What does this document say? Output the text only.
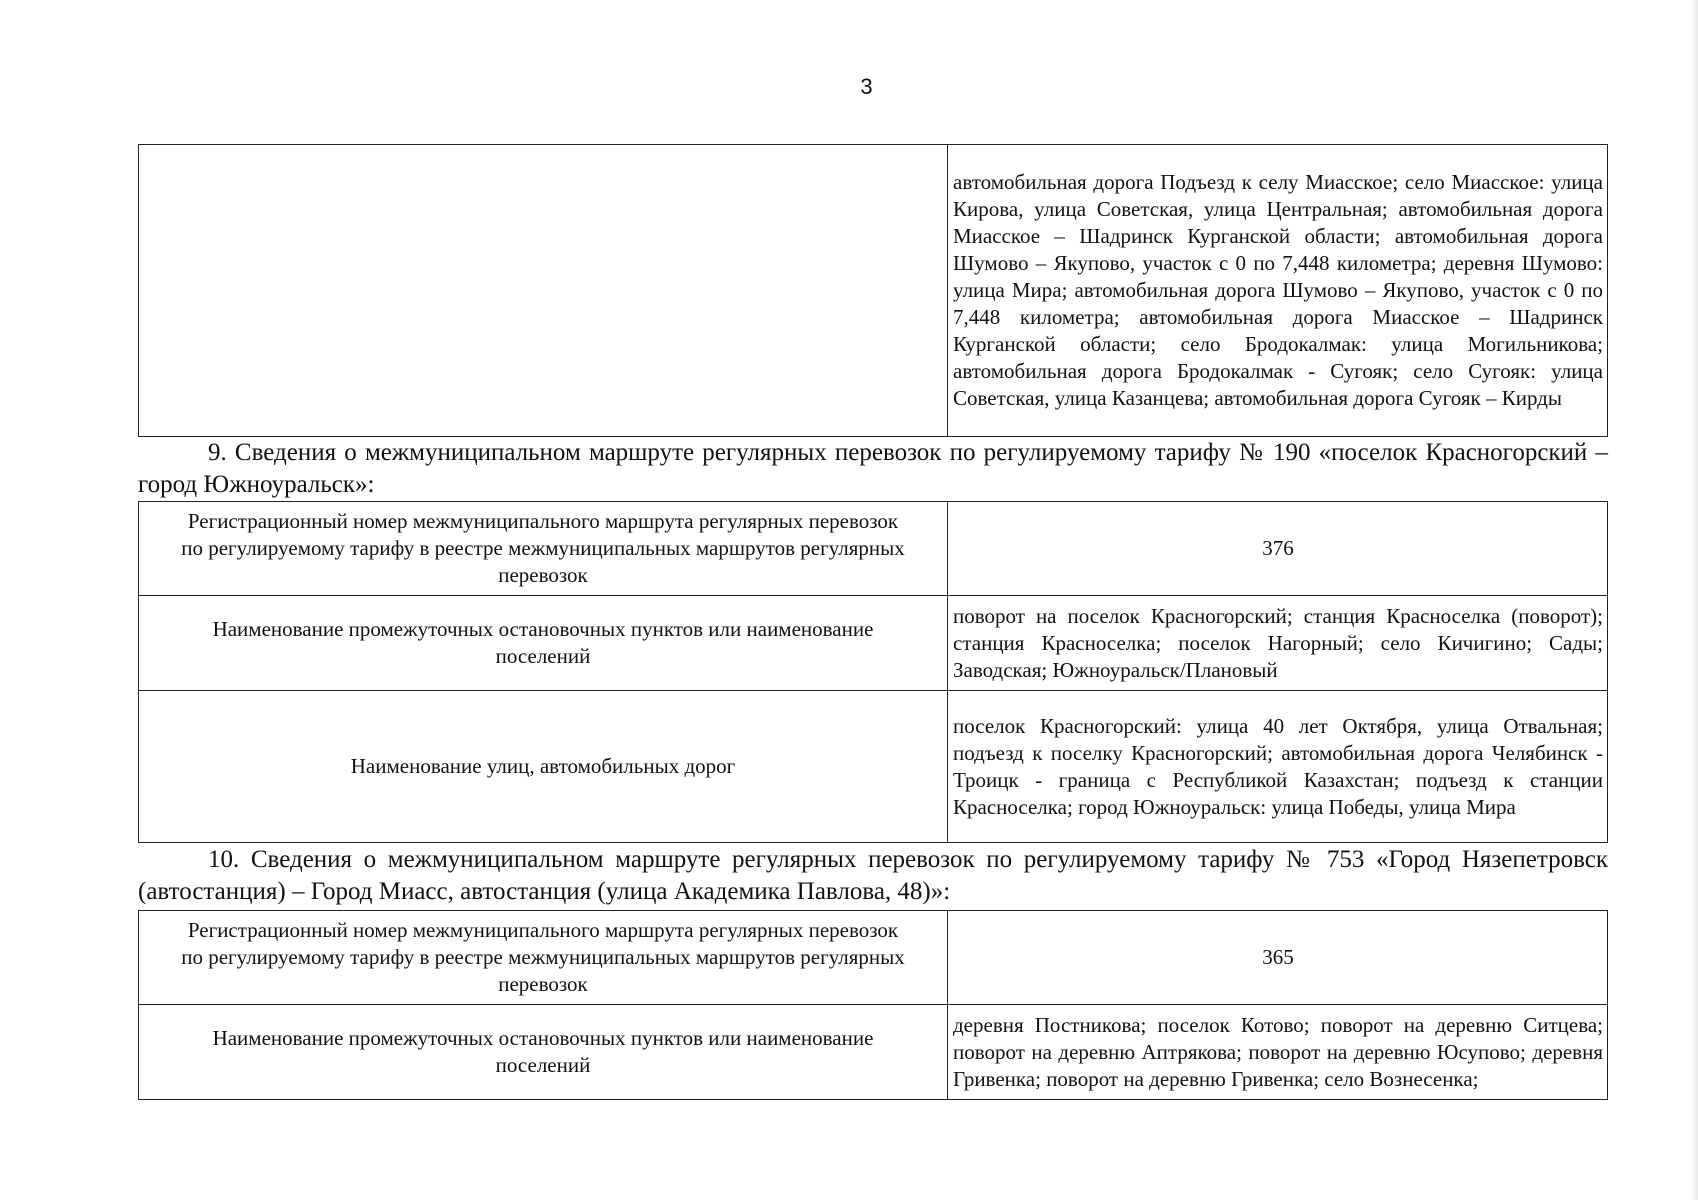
3
	автомобильная дорога Подъезд к селу Миасское; село Миасское: улица Кирова, улица Советская, улица Центральная; автомобильная дорога Миасское – Шадринск Курганской области; автомобильная дорога Шумово – Якупово, участок с 0 по 7,448 километра; деревня Шумово: улица Мира; автомобильная дорога Шумово – Якупово, участок с 0 по 7,448 километра; автомобильная дорога Миасское – Шадринск Курганской области; село Бродокалмак: улица Могильникова; автомобильная дорога Бродокалмак - Сугояк; село Сугояк: улица Советская, улица Казанцева; автомобильная дорога Сугояк – Кирды
9. Сведения о межмуниципальном маршруте регулярных перевозок по регулируемому тарифу № 190 «поселок Красногорский – город Южноуральск»:
Регистрационный номер межмуниципального маршрута регулярных перевозок по регулируемому тарифу в реестре межмуниципальных маршрутов регулярных перевозок	376
Наименование промежуточных остановочных пунктов или наименование поселений	поворот на поселок Красногорский; станция Красноселка (поворот); станция Красноселка; поселок Нагорный; село Кичигино; Сады; Заводская; Южноуральск/Плановый
Наименование улиц, автомобильных дорог	поселок Красногорский: улица 40 лет Октября, улица Отвальная; подъезд к поселку Красногорский; автомобильная дорога Челябинск - Троицк - граница с Республикой Казахстан; подъезд к станции Красноселка; город Южноуральск: улица Победы, улица Мира
10. Сведения о межмуниципальном маршруте регулярных перевозок по регулируемому тарифу № 753 «Город Нязепетровск (автостанция) – Город Миасс, автостанция (улица Академика Павлова, 48)»:
Регистрационный номер межмуниципального маршрута регулярных перевозок по регулируемому тарифу в реестре межмуниципальных маршрутов регулярных перевозок	365
Наименование промежуточных остановочных пунктов или наименование поселений	деревня Постникова; поселок Котово; поворот на деревню Ситцева; поворот на деревню Аптрякова; поворот на деревню Юсупово; деревня Гривенка; поворот на деревню Гривенка; село Вознесенка;
